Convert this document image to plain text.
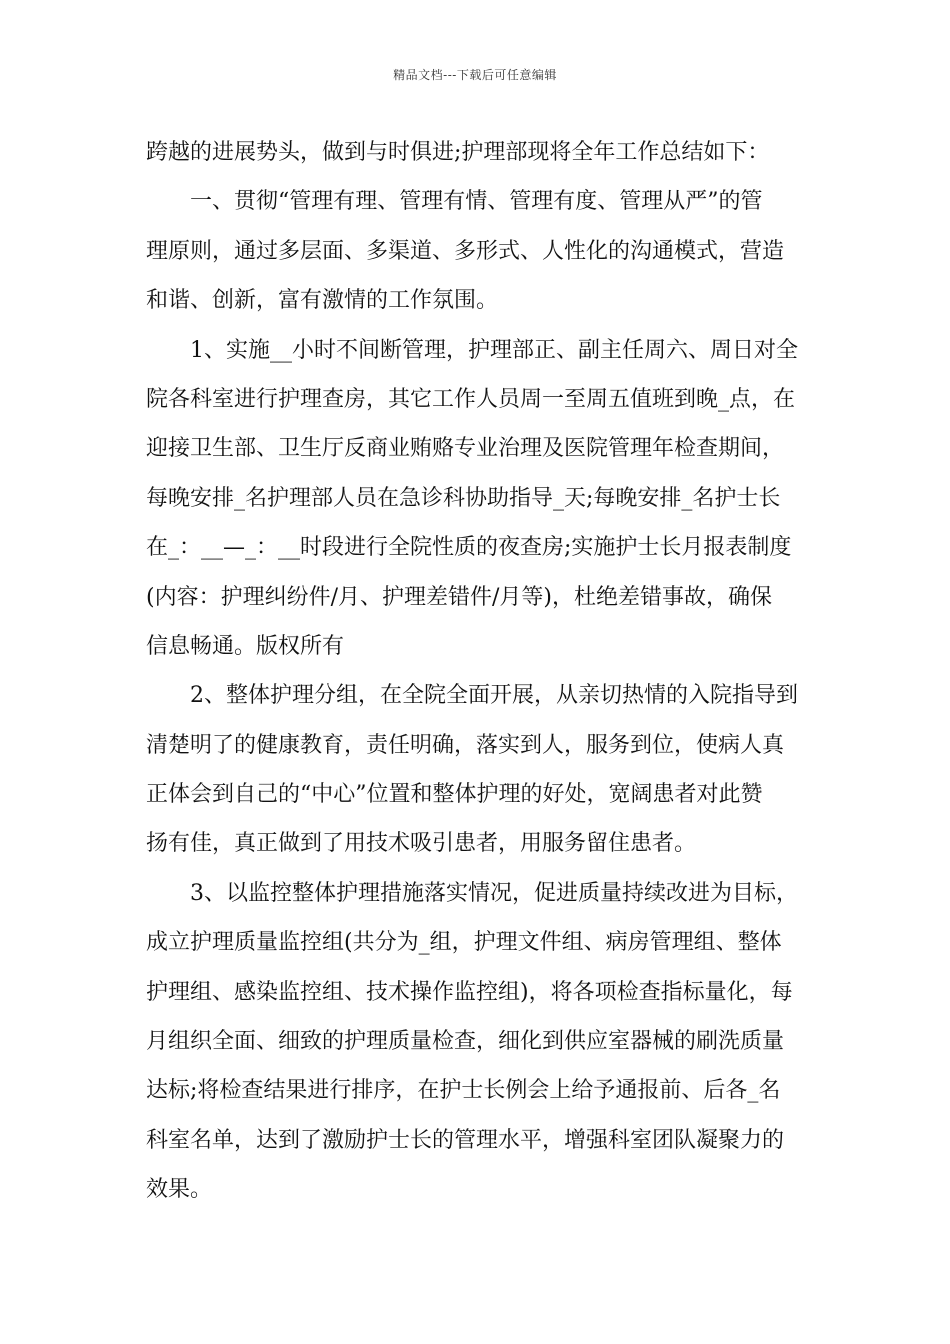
精品文档---下载后可任意编辑
跨越的进展势头，做到与时俱进;护理部现将全年工作总结如下：
一、贯彻“管理有理、管理有情、管理有度、管理从严”的管
理原则，通过多层面、多渠道、多形式、人性化的沟通模式，营造
和谐、创新，富有激情的工作氛围。
1、实施__小时不间断管理，护理部正、副主任周六、周日对全
院各科室进行护理查房，其它工作人员周一至周五值班到晚_点，在
迎接卫生部、卫生厅反商业贿赂专业治理及医院管理年检查期间，
每晚安排_名护理部人员在急诊科协助指导_天;每晚安排_名护士长
在_：__—_：__时段进行全院性质的夜查房;实施护士长月报表制度
(内容：护理纠纷件/月、护理差错件/月等)，杜绝差错事故，确保
信息畅通。版权所有
2、整体护理分组，在全院全面开展，从亲切热情的入院指导到
清楚明了的健康教育，责任明确，落实到人，服务到位，使病人真
正体会到自己的“中心”位置和整体护理的好处，宽阔患者对此赞
扬有佳，真正做到了用技术吸引患者，用服务留住患者。
3、以监控整体护理措施落实情况，促进质量持续改进为目标，
成立护理质量监控组(共分为_组，护理文件组、病房管理组、整体
护理组、感染监控组、技术操作监控组)，将各项检查指标量化，每
月组织全面、细致的护理质量检查，细化到供应室器械的刷洗质量
达标;将检查结果进行排序，在护士长例会上给予通报前、后各_名
科室名单，达到了激励护士长的管理水平，增强科室团队凝聚力的
效果。
